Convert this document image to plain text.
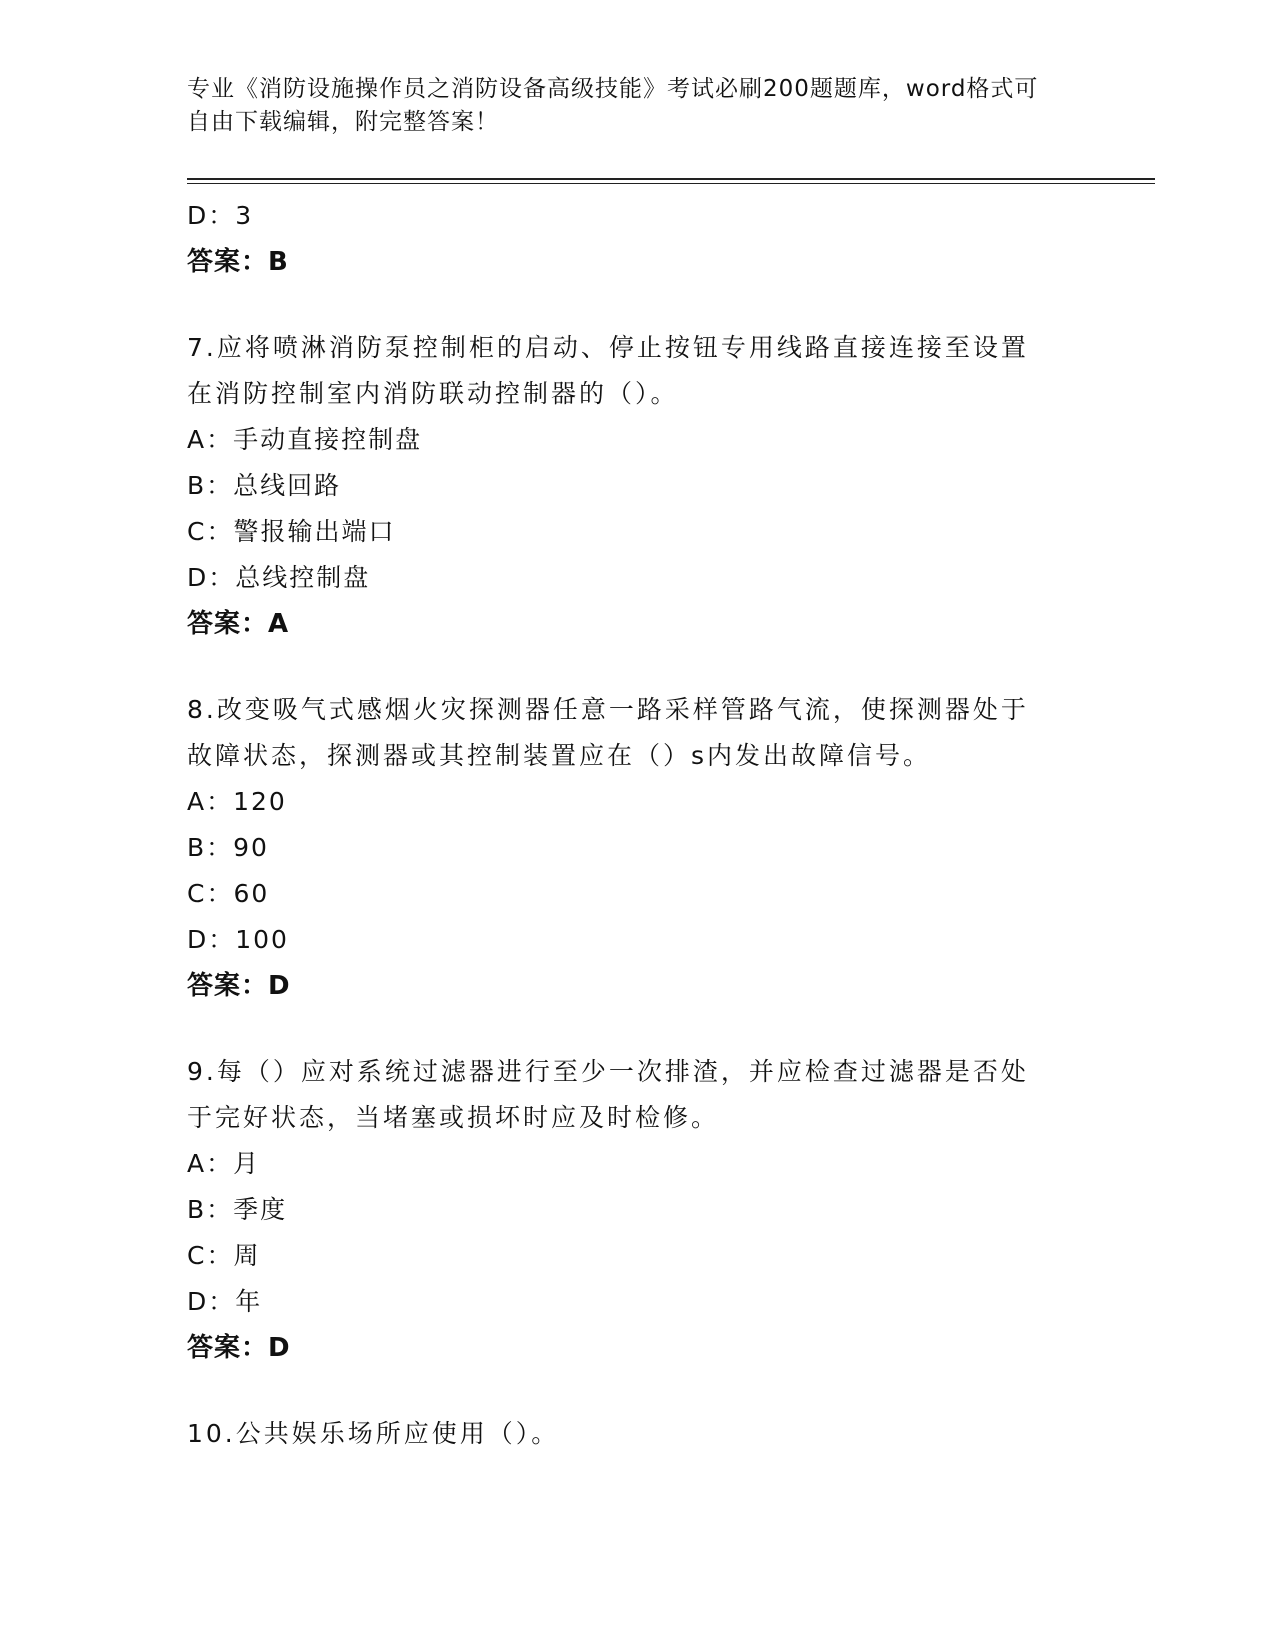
专业《消防设施操作员之消防设备高级技能》考试必刷200题题库，word格式可
自由下载编辑，附完整答案！
D：3
答案：B
7.应将喷淋消防泵控制柜的启动、停止按钮专用线路直接连接至设置
在消防控制室内消防联动控制器的（）。
A：手动直接控制盘
B：总线回路
C：警报输出端口
D：总线控制盘
答案：A
8.改变吸气式感烟火灾探测器任意一路采样管路气流，使探测器处于
故障状态，探测器或其控制装置应在（）s内发出故障信号。
A：120
B：90
C：60
D：100
答案：D
9.每（）应对系统过滤器进行至少一次排渣，并应检查过滤器是否处
于完好状态，当堵塞或损坏时应及时检修。
A：月
B：季度
C：周
D：年
答案：D
10.公共娱乐场所应使用（）。
